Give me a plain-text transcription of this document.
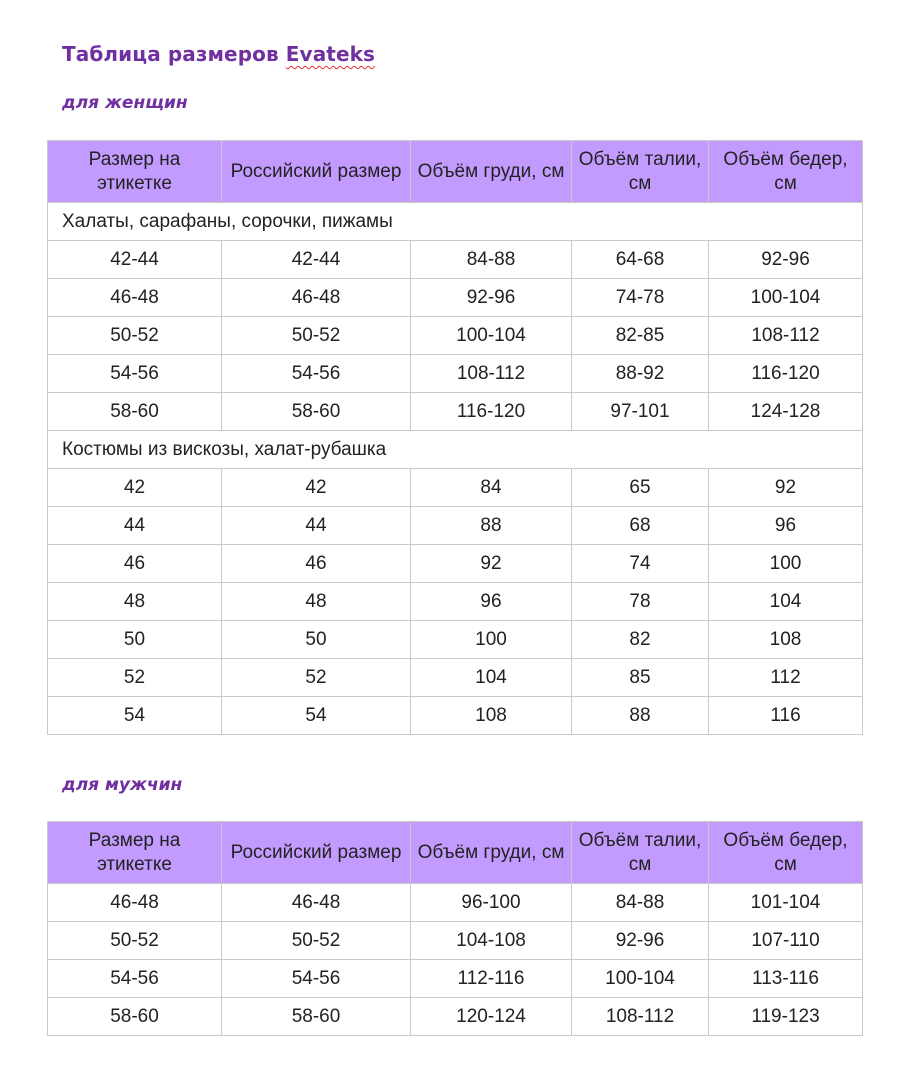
Таблица размеров Evateks
для женщин
Размер на этикетке	Российский размер	Объём груди, см	Объём талии, см	Объём бедер, см
Халаты, сарафаны, сорочки, пижамы				
42-44	42-44	84-88	64-68	92-96
46-48	46-48	92-96	74-78	100-104
50-52	50-52	100-104	82-85	108-112
54-56	54-56	108-112	88-92	116-120
58-60	58-60	116-120	97-101	124-128
Костюмы из вискозы, халат-рубашка				
42	42	84	65	92
44	44	88	68	96
46	46	92	74	100
48	48	96	78	104
50	50	100	82	108
52	52	104	85	112
54	54	108	88	116
для мужчин
Размер на этикетке	Российский размер	Объём груди, см	Объём талии, см	Объём бедер, см
46-48	46-48	96-100	84-88	101-104
50-52	50-52	104-108	92-96	107-110
54-56	54-56	112-116	100-104	113-116
58-60	58-60	120-124	108-112	119-123
